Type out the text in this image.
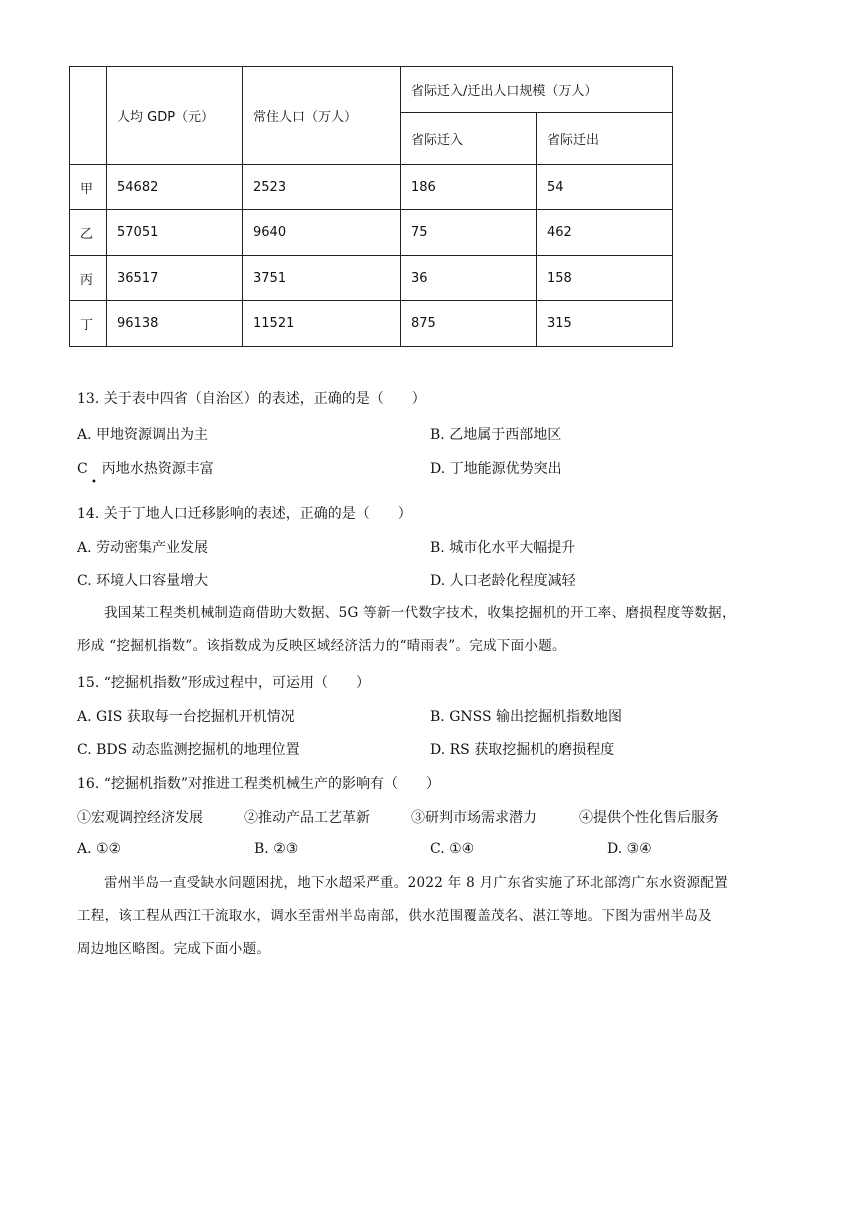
	人均 GDP（元）	常住人口（万人）	省际迁入/迁出人口规模（万人）	
			省际迁入	省际迁出
甲	54682	2523	186	54
乙	57051	9640	75	462
丙	36517	3751	36	158
丁	96138	11521	875	315
13. 关于表中四省（自治区）的表述，正确的是（　　）
A. 甲地资源调出为主	B. 乙地属于西部地区
C　丙地水热资源丰富
•
D. 丁地能源优势突出
14. 关于丁地人口迁移影响的表述，正确的是（　　）
A. 劳动密集产业发展	B. 城市化水平大幅提升
C. 环境人口容量增大	D. 人口老龄化程度减轻

我国某工程类机械制造商借助大数据、5G 等新一代数字技术，收集挖掘机的开工率、磨损程度等数据，

形成 “挖掘机指数”。该指数成为反映区域经济活力的“晴雨表”。完成下面小题。

15. “挖掘机指数”形成过程中，可运用（　　）
A. GIS 获取每一台挖掘机开机情况	B. GNSS 输出挖掘机指数地图
C. BDS 动态监测挖掘机的地理位置	D. RS 获取挖掘机的磨损程度
16. “挖掘机指数”对推进工程类机械生产的影响有（　　）
①宏观调控经济发展	②推动产品工艺革新	③研判市场需求潜力	④提供个性化售后服务
A. ①②	B. ②③	C. ①④	D. ③④

雷州半岛一直受缺水问题困扰，地下水超采严重。2022 年 8 月广东省实施了环北部湾广东水资源配置

工程，该工程从西江干流取水，调水至雷州半岛南部，供水范围覆盖茂名、湛江等地。下图为雷州半岛及

周边地区略图。完成下面小题。
